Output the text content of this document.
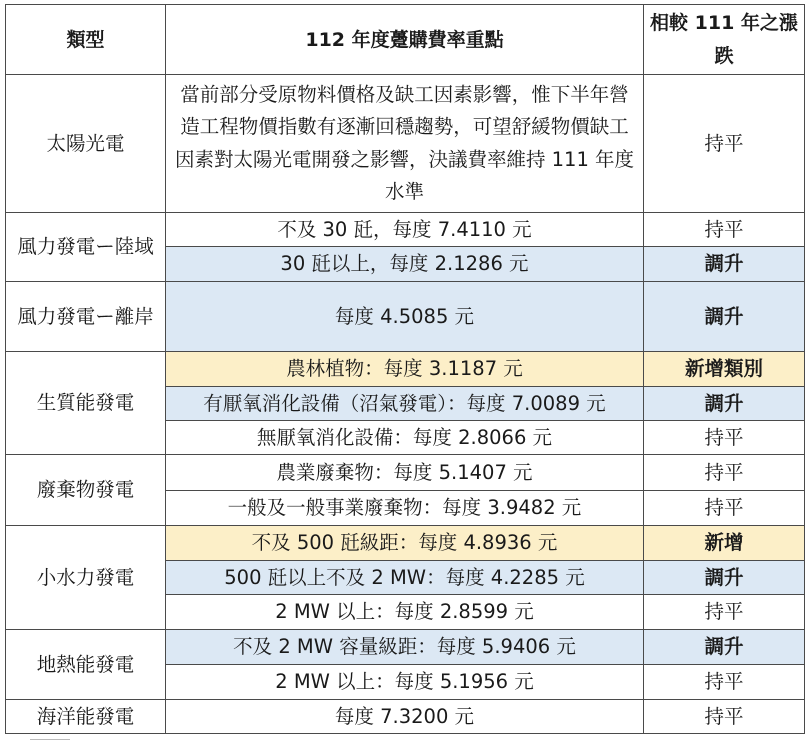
類型	112 年度躉購費率重點	相較 111 年之漲跌
太陽光電	當前部分受原物料價格及缺工因素影響，惟下半年營造工程物價指數有逐漸回穩趨勢，可望舒緩物價缺工因素對太陽光電開發之影響，決議費率維持 111 年度水準	持平
風力發電ー陸域	不及 30 瓩，每度 7.4110 元	持平
	30 瓩以上，每度 2.1286 元	調升
風力發電ー離岸	每度 4.5085 元	調升
生質能發電	農林植物：每度 3.1187 元	新增類別
	有厭氧消化設備（沼氣發電）：每度 7.0089 元	調升
	無厭氧消化設備：每度 2.8066 元	持平
廢棄物發電	農業廢棄物：每度 5.1407 元	持平
	一般及一般事業廢棄物：每度 3.9482 元	持平
小水力發電	不及 500 瓩級距：每度 4.8936 元	新增
	500 瓩以上不及 2 MW：每度 4.2285 元	調升
	2 MW 以上：每度 2.8599 元	持平
地熱能發電	不及 2 MW 容量級距：每度 5.9406 元	調升
	2 MW 以上：每度 5.1956 元	持平
海洋能發電	每度 7.3200 元	持平
